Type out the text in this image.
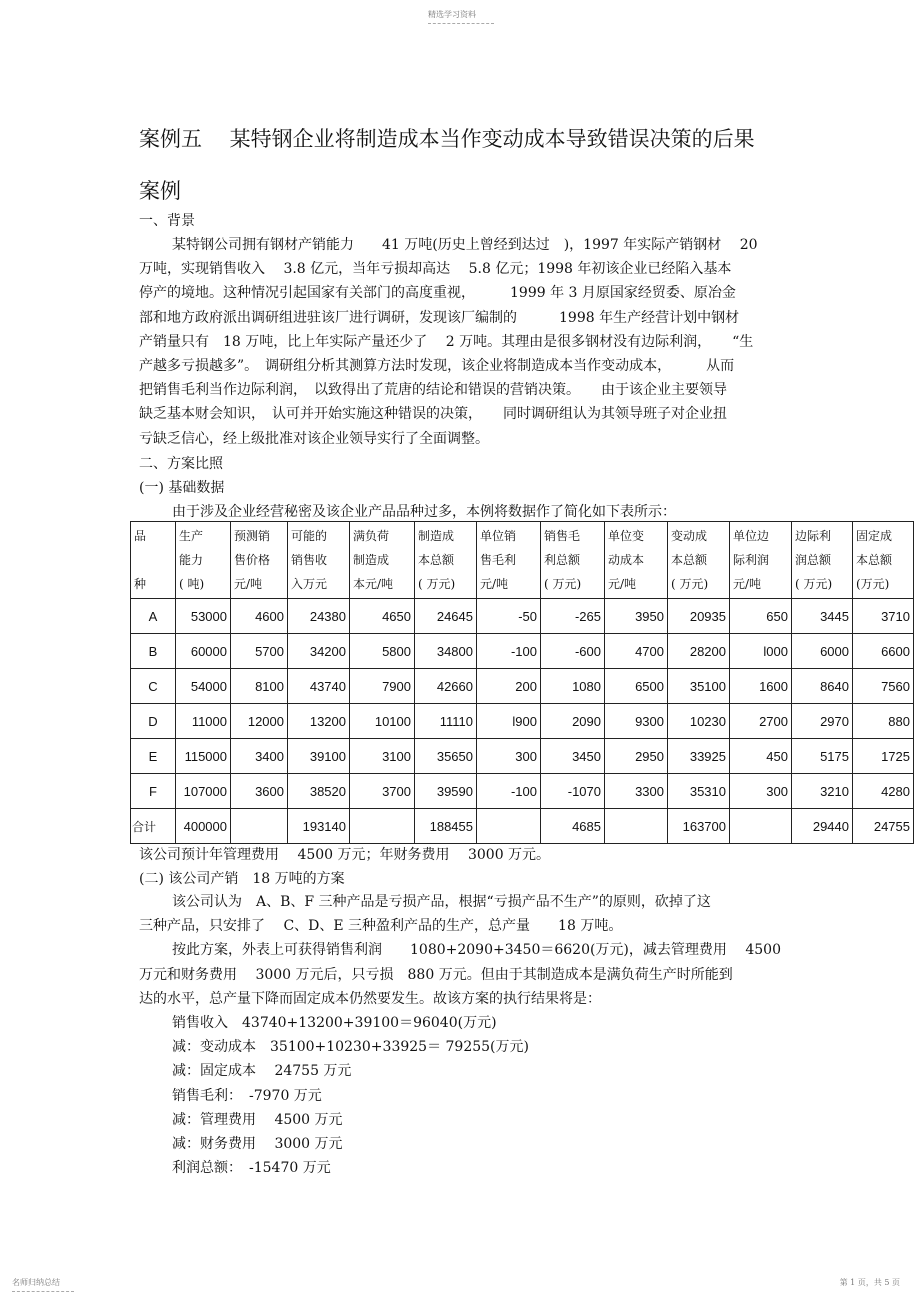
精选学习资料
案例五　 某特钢企业将制造成本当作变动成本导致错误决策的后果
案例
一、背景
某特钢公司拥有钢材产销能力　　41 万吨(历史上曾经到达过　)，1997 年实际产销钢材　 20
万吨，实现销售收入　 3.8 亿元，当年亏损却高达　 5.8 亿元；1998 年初该企业已经陷入基本
停产的境地。这种情况引起国家有关部门的高度重视，　　　1999 年 3 月原国家经贸委、原冶金
部和地方政府派出调研组进驻该厂进行调研，发现该厂编制的　　　1998 年生产经营计划中钢材
产销量只有　18 万吨，比上年实际产量还少了　 2 万吨。其理由是很多钢材没有边际利润，　　“生
产越多亏损越多”。　调研组分析其测算方法时发现，该企业将制造成本当作变动成本，　　　从而
把销售毛利当作边际利润，　以致得出了荒唐的结论和错误的营销决策。　　由于该企业主要领导
缺乏基本财会知识，　认可并开始实施这种错误的决策，　　同时调研组认为其领导班子对企业扭
亏缺乏信心，经上级批准对该企业领导实行了全面调整。
二、方案比照
(一) 基础数据
由于涉及企业经营秘密及该企业产品品种过多，本例将数据作了简化如下表所示：
品

种	生产
能力
( 吨)	预测销
售价格
元/吨	可能的
销售收
入万元	满负荷
制造成
本元/吨	制造成
本总额
( 万元)	单位销
售毛利
元/吨	销售毛
利总额
( 万元)	单位变
动成本
元/吨	变动成
本总额
( 万元)	单位边
际利润
元/吨	边际利
润总额
( 万元)	固定成
本总额
(万元)
A	53000	4600	24380	4650	24645	-50	-265	3950	20935	650	3445	3710
B	60000	5700	34200	5800	34800	-100	-600	4700	28200	l000	6000	6600
C	54000	8100	43740	7900	42660	200	1080	6500	35100	1600	8640	7560
D	11000	12000	13200	10100	11110	l900	2090	9300	10230	2700	2970	880
E	115000	3400	39100	3100	35650	300	3450	2950	33925	450	5175	1725
F	107000	3600	38520	3700	39590	-100	-1070	3300	35310	300	3210	4280
合计	400000		193140		188455		4685		163700		29440	24755
该公司预计年管理费用　 4500 万元；年财务费用　 3000 万元。
(二) 该公司产销　18 万吨的方案
该公司认为　A、B、F 三种产品是亏损产品，根据“亏损产品不生产”的原则，砍掉了这
三种产品，只安排了　 C、D、E 三种盈利产品的生产，总产量　　18 万吨。
按此方案，外表上可获得销售利润　　1080+2090+3450＝6620(万元)，减去管理费用　 4500
万元和财务费用　 3000 万元后，只亏损　880 万元。但由于其制造成本是满负荷生产时所能到
达的水平，总产量下降而固定成本仍然要发生。故该方案的执行结果将是：
销售收入　43740+13200+39100＝96040(万元)
减：变动成本　35100+10230+33925＝ 79255(万元)
减：固定成本　 24755 万元
销售毛利：　-7970 万元
减：管理费用　 4500 万元
减：财务费用　 3000 万元
利润总额：　-15470 万元
名师归纳总结	第 1 页，共 5 页
